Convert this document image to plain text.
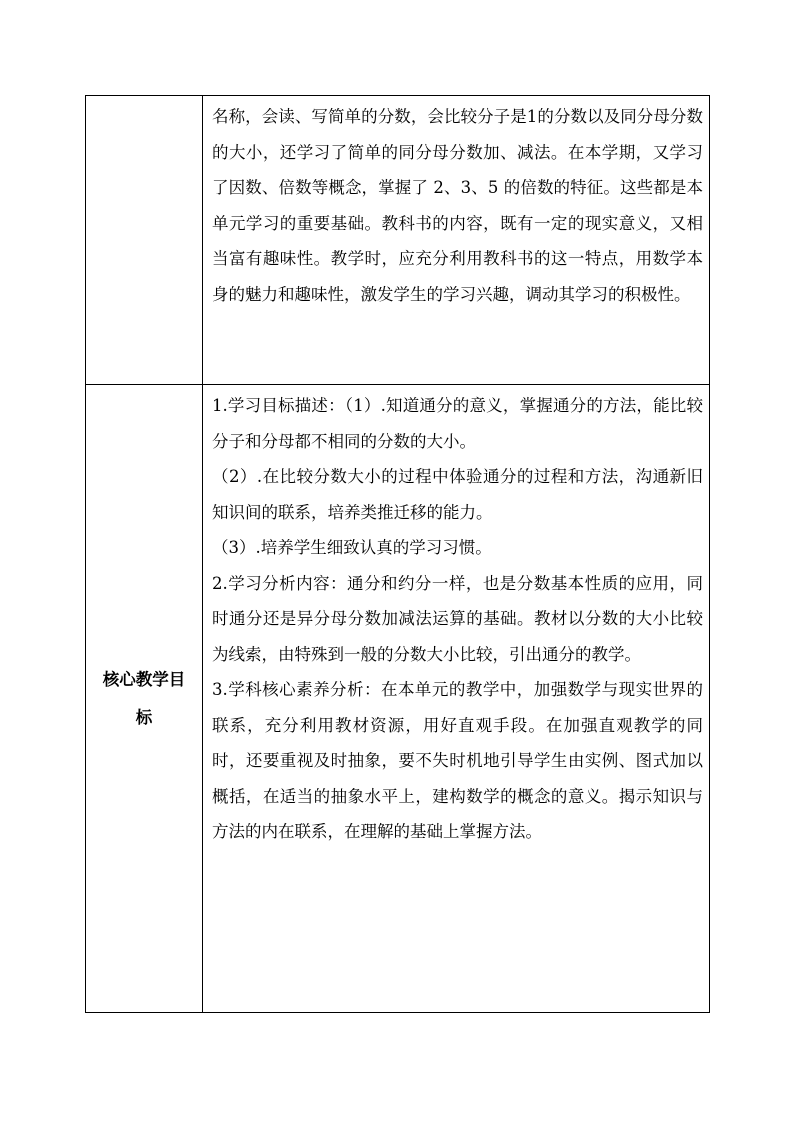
	名称，会读、写简单的分数，会比较分子是1的分数以及同分母分数的大小，还学习了简单的同分母分数加、减法。在本学期，又学习了因数、倍数等概念，掌握了 2、3、5 的倍数的特征。这些都是本单元学习的重要基础。教科书的内容，既有一定的现实意义，又相当富有趣味性。教学时，应充分利用教科书的这一特点，用数学本身的魅力和趣味性，激发学生的学习兴趣，调动其学习的积极性。

核心教学目标	1.学习目标描述：（1）.知道通分的意义，掌握通分的方法，能比较分子和分母都不相同的分数的大小。

（2）.在比较分数大小的过程中体验通分的过程和方法，沟通新旧知识间的联系，培养类推迁移的能力。

（3）.培养学生细致认真的学习习惯。

2.学习分析内容：通分和约分一样，也是分数基本性质的应用，同时通分还是异分母分数加减法运算的基础。教材以分数的大小比较为线索，由特殊到一般的分数大小比较，引出通分的教学。

3.学科核心素养分析：在本单元的教学中，加强数学与现实世界的联系，充分利用教材资源，用好直观手段。在加强直观教学的同时，还要重视及时抽象，要不失时机地引导学生由实例、图式加以概括，在适当的抽象水平上，建构数学的概念的意义。揭示知识与方法的内在联系，在理解的基础上掌握方法。
